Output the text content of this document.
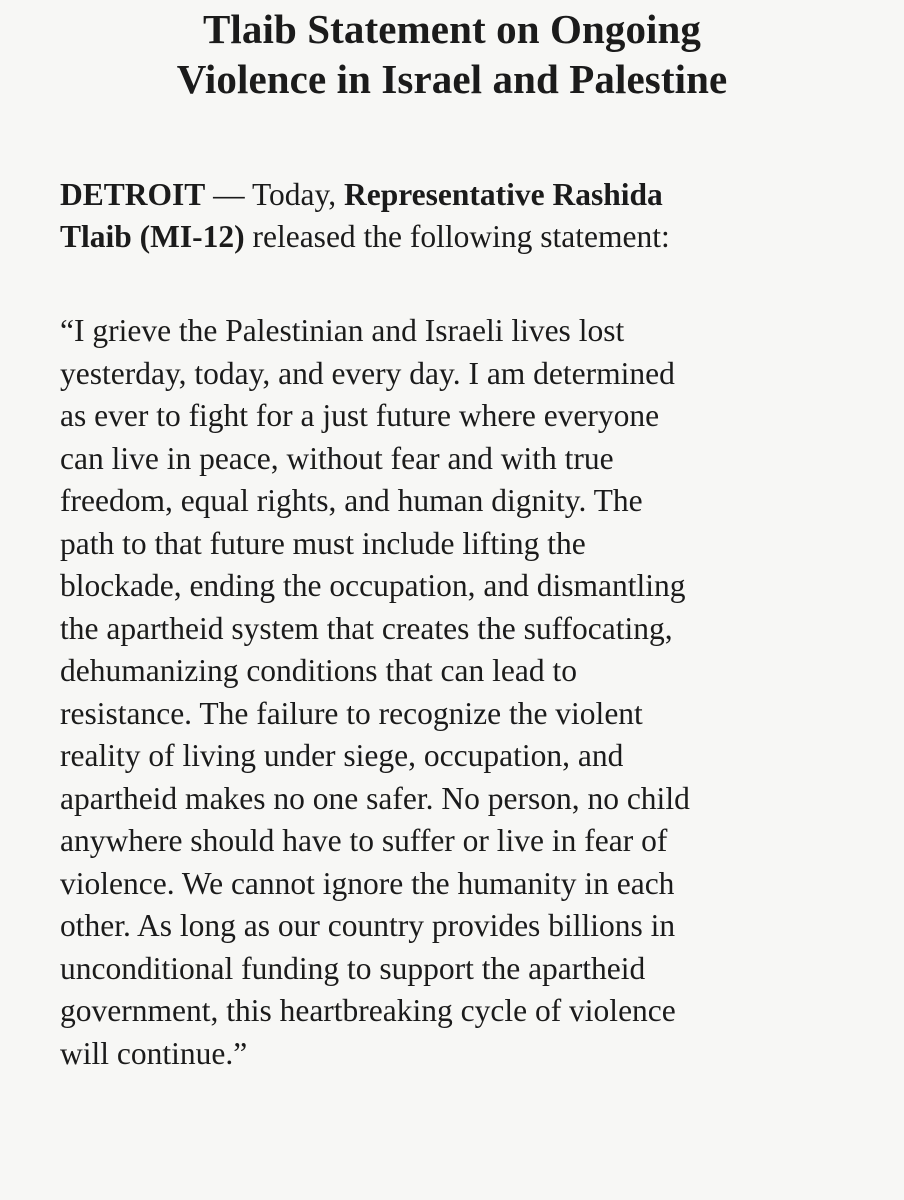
Tlaib Statement on Ongoing
Violence in Israel and Palestine

DETROIT — Today, Representative Rashida
Tlaib (MI-12) released the following statement:

“I grieve the Palestinian and Israeli lives lost
yesterday, today, and every day. I am determined
as ever to fight for a just future where everyone
can live in peace, without fear and with true
freedom, equal rights, and human dignity. The
path to that future must include lifting the
blockade, ending the occupation, and dismantling
the apartheid system that creates the suffocating,
dehumanizing conditions that can lead to
resistance. The failure to recognize the violent
reality of living under siege, occupation, and
apartheid makes no one safer. No person, no child
anywhere should have to suffer or live in fear of
violence. We cannot ignore the humanity in each
other. As long as our country provides billions in
unconditional funding to support the apartheid
government, this heartbreaking cycle of violence
will continue.”
